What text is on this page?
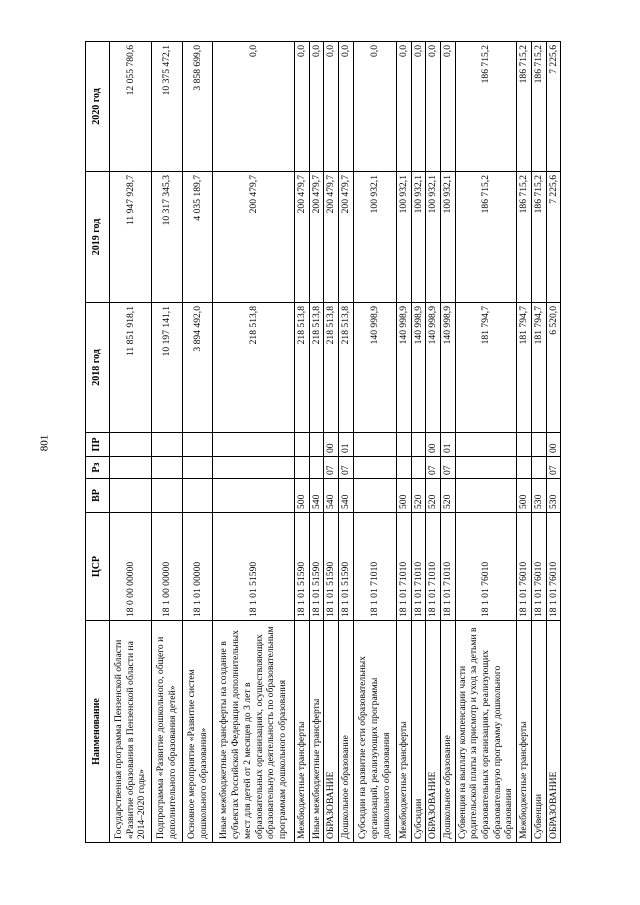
801
Наименование	ЦСР	ВР	Рз	ПР	2018 год	2019 год	2020 год
Государственная программа Пензенской области «Развитие образования в Пензенской области на 2014–2020 годы»	18 0 00 00000				11 851 918,1	11 947 928,7	12 055 780,6
Подпрограмма «Развитие дошкольного, общего и дополнительного образования детей»	18 1 00 00000				10 197 141,1	10 317 345,3	10 375 472,1
Основное мероприятие «Развитие систем дошкольного образования»	18 1 01 00000				3 894 492,0	4 035 189,7	3 858 699,0
Иные межбюджетные трансферты на создание в субъектах Российской Федерации дополнительных мест для детей от 2 месяцев до 3 лет в образовательных организациях, осуществляющих образовательную деятельность по образовательным программам дошкольного образования	18 1 01 51590				218 513,8	200 479,7	0,0
Межбюджетные трансферты	18 1 01 51590	500			218 513,8	200 479,7	0,0
Иные межбюджетные трансферты	18 1 01 51590	540			218 513,8	200 479,7	0,0
ОБРАЗОВАНИЕ	18 1 01 51590	540	07	00	218 513,8	200 479,7	0,0
Дошкольное образование	18 1 01 51590	540	07	01	218 513,8	200 479,7	0,0
Субсидии на развитие сети образовательных организаций, реализующих программы дошкольного образования	18 1 01 71010				140 998,9	100 932,1	0,0
Межбюджетные трансферты	18 1 01 71010	500			140 998,9	100 932,1	0,0
Субсидии	18 1 01 71010	520			140 998,9	100 932,1	0,0
ОБРАЗОВАНИЕ	18 1 01 71010	520	07	00	140 998,9	100 932,1	0,0
Дошкольное образование	18 1 01 71010	520	07	01	140 998,9	100 932,1	0,0
Субвенция на выплату компенсации части родительской платы за присмотр и уход за детьми в образовательных организациях, реализующих образовательную программу дошкольного образования	18 1 01 76010				181 794,7	186 715,2	186 715,2
Межбюджетные трансферты	18 1 01 76010	500			181 794,7	186 715,2	186 715,2
Субвенции	18 1 01 76010	530			181 794,7	186 715,2	186 715,2
ОБРАЗОВАНИЕ	18 1 01 76010	530	07	00	6 520,0	7 225,6	7 225,6
